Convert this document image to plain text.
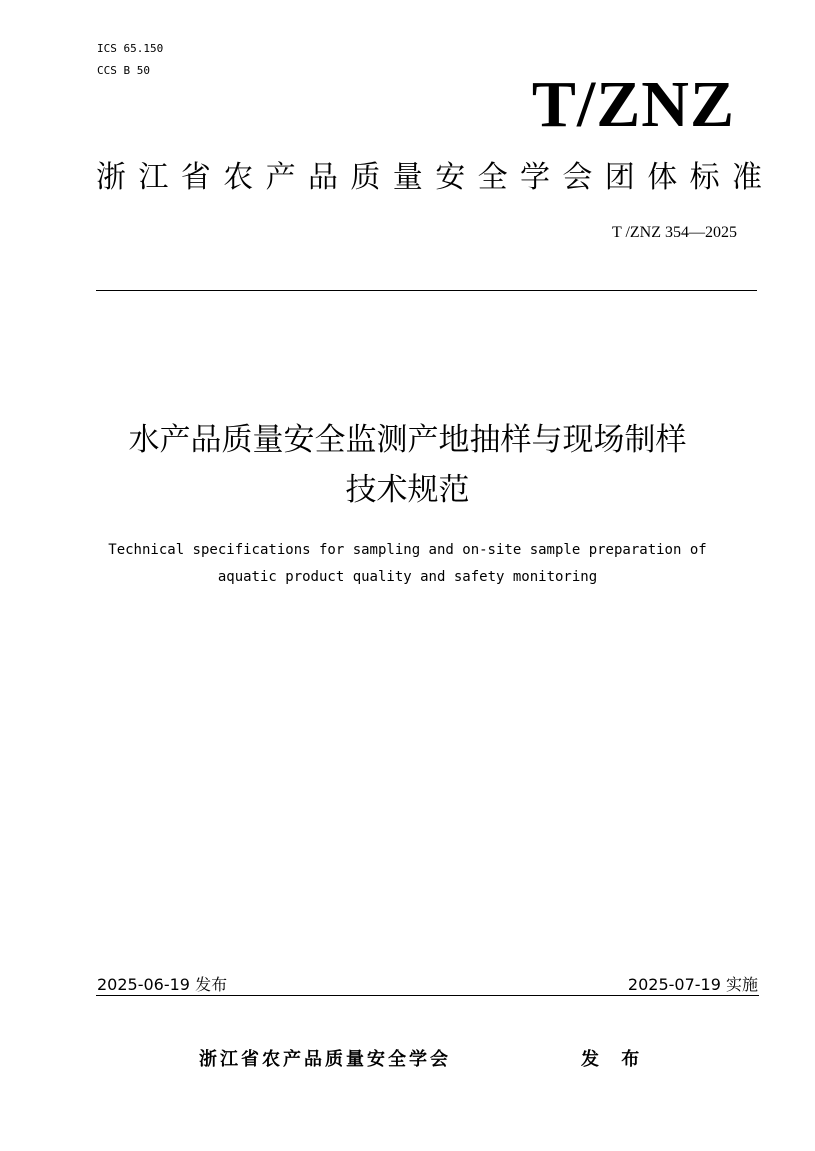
ICS 65.150
CCS B 50	T/ZNZ
浙江省农产品质量安全学会团体标准
T /ZNZ 354—2025
水产品质量安全监测产地抽样与现场制样
技术规范
Technical specifications for sampling and on-site sample preparation of
aquatic product quality and safety monitoring
2025-06-19 发布	2025-07-19 实施
浙江省农产品质量安全学会	发 布
